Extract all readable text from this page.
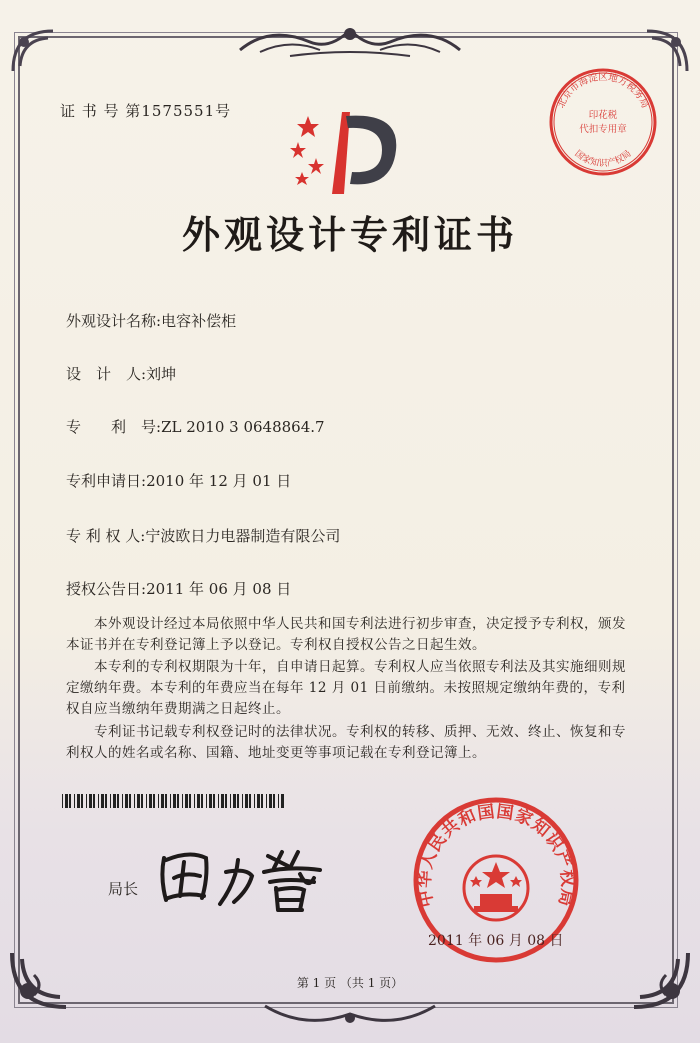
证 书 号 第1575551号
外观设计专利证书
外观设计名称:电容补偿柜
设　计　人:刘坤
专　　利　号:ZL 2010 3 0648864.7
专利申请日:2010 年 12 月 01 日
专 利 权 人:宁波欧日力电器制造有限公司
授权公告日:2011 年 06 月 08 日
　　本外观设计经过本局依照中华人民共和国专利法进行初步审查，决定授予专利权，颁发本证书并在专利登记簿上予以登记。专利权自授权公告之日起生效。
　　本专利的专利权期限为十年，自申请日起算。专利权人应当依照专利法及其实施细则规定缴纳年费。本专利的年费应当在每年 12 月 01 日前缴纳。未按照规定缴纳年费的，专利权自应当缴纳年费期满之日起终止。
　　专利证书记载专利权登记时的法律状况。专利权的转移、质押、无效、终止、恢复和专利权人的姓名或名称、国籍、地址变更等事项记载在专利登记簿上。
局长
北京市海淀区地方税务局
国家知识产权局
印花税
代扣专用章
中华人民共和国国家知识产权局
2011 年 06 月 08 日
第 1 页 （共 1 页）
